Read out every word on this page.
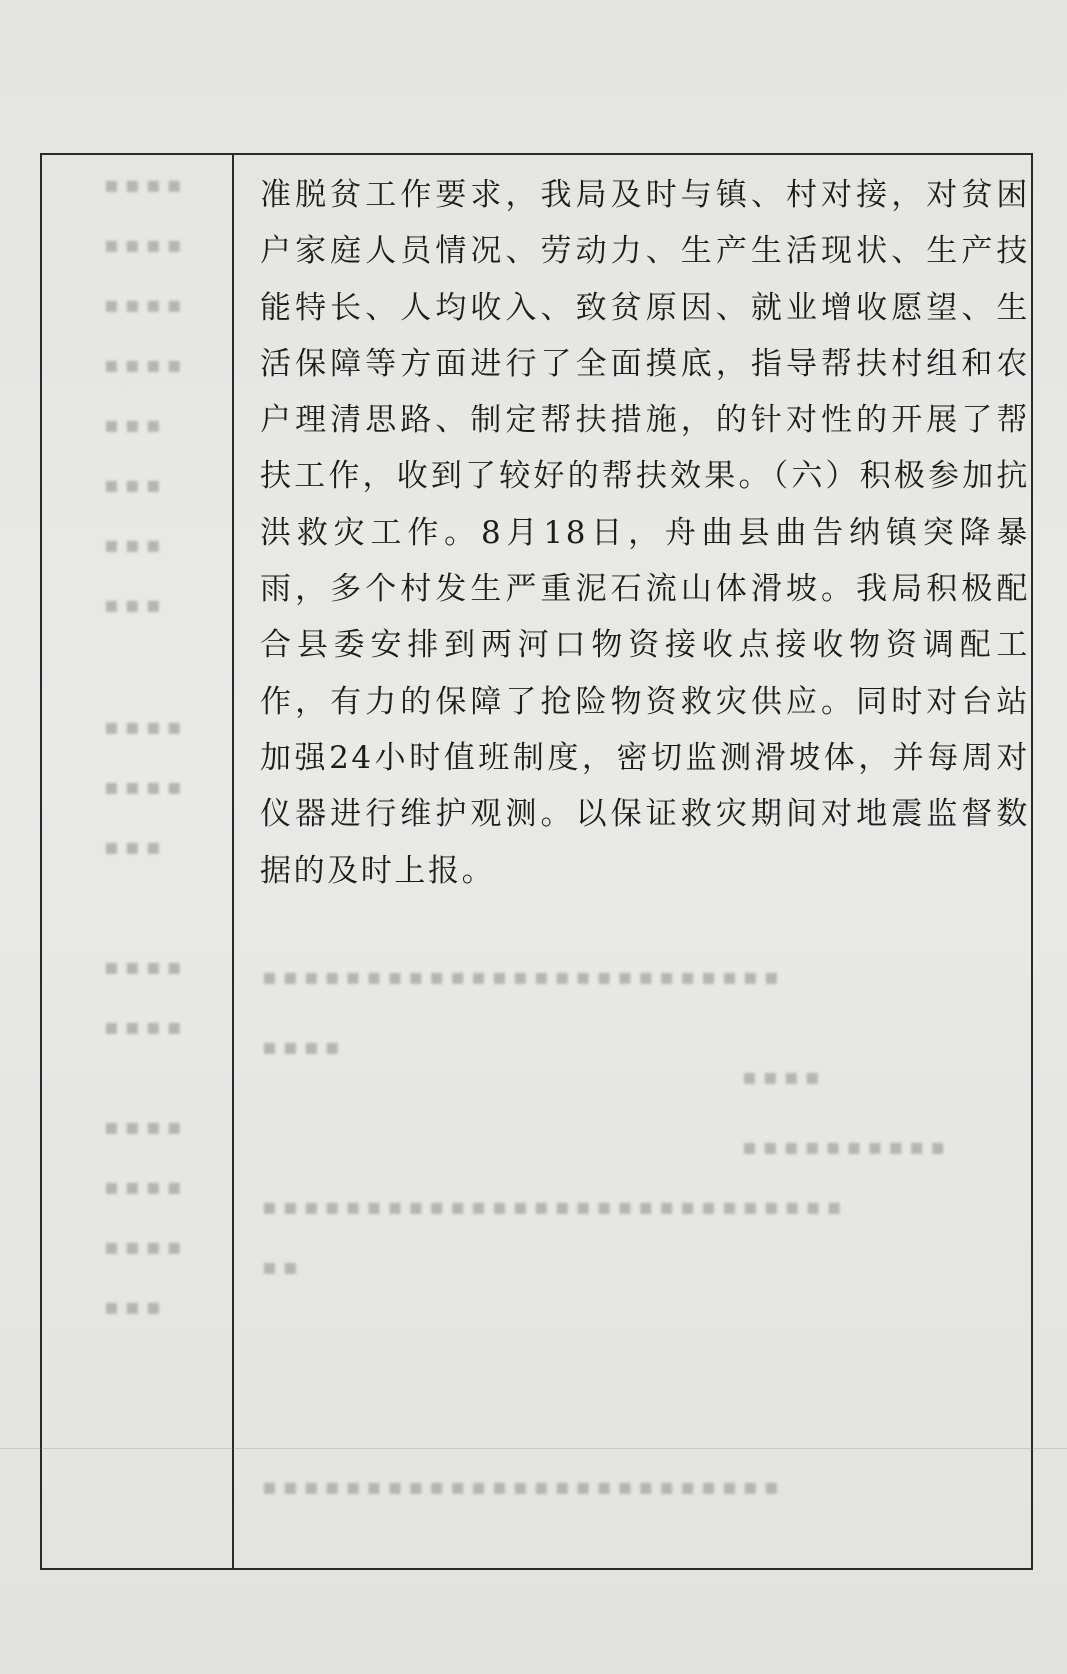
▪▪▪▪
▪▪▪▪
▪▪▪▪
▪▪▪▪
▪▪▪
▪▪▪
▪▪▪
▪▪▪
▪▪▪▪
▪▪▪▪
▪▪▪
▪▪▪▪
▪▪▪▪
▪▪▪▪
▪▪▪▪
▪▪▪▪
▪▪▪

准脱贫工作要求，我局及时与镇、村对接，对贫困户家庭人员情况、劳动力、生产生活现状、生产技能特长、人均收入、致贫原因、就业增收愿望、生活保障等方面进行了全面摸底，指导帮扶村组和农户理清思路、制定帮扶措施，的针对性的开展了帮扶工作，收到了较好的帮扶效果。（六）积极参加抗洪救灾工作。8月18日，舟曲县曲告纳镇突降暴雨，多个村发生严重泥石流山体滑坡。我局积极配合县委安排到两河口物资接收点接收物资调配工作，有力的保障了抢险物资救灾供应。同时对台站加强24小时值班制度，密切监测滑坡体，并每周对仪器进行维护观测。以保证救灾期间对地震监督数据的及时上报。

▪▪▪▪▪▪▪▪▪▪▪▪▪▪▪▪▪▪▪▪▪▪▪▪▪
▪▪▪▪
▪▪▪▪
▪▪▪▪▪▪▪▪▪▪
▪▪▪▪▪▪▪▪▪▪▪▪▪▪▪▪▪▪▪▪▪▪▪▪▪▪▪▪
▪▪
▪▪▪▪▪▪▪▪▪▪▪▪▪▪▪▪▪▪▪▪▪▪▪▪▪
